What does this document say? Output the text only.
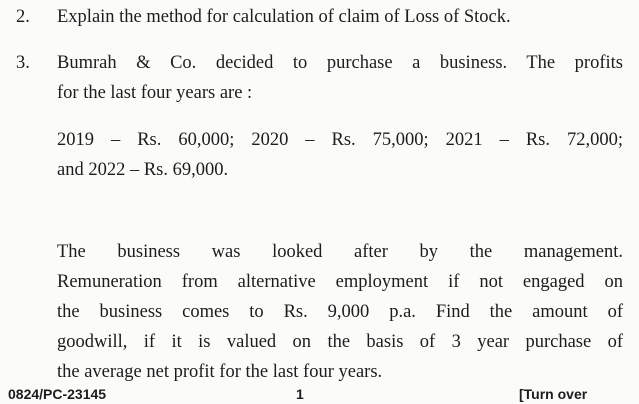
2. Explain the method for calculation of claim of Loss of Stock.
3. Bumrah & Co. decided to purchase a business. The profits
for the last four years are :
2019 – Rs. 60,000; 2020 – Rs. 75,000; 2021 – Rs. 72,000;
and 2022 – Rs. 69,000.
The business was looked after by the management.
Remuneration from alternative employment if not engaged on
the business comes to Rs. 9,000 p.a. Find the amount of
goodwill, if it is valued on the basis of 3 year purchase of
the average net profit for the last four years.
0824/PC-23145	1	[Turn over
